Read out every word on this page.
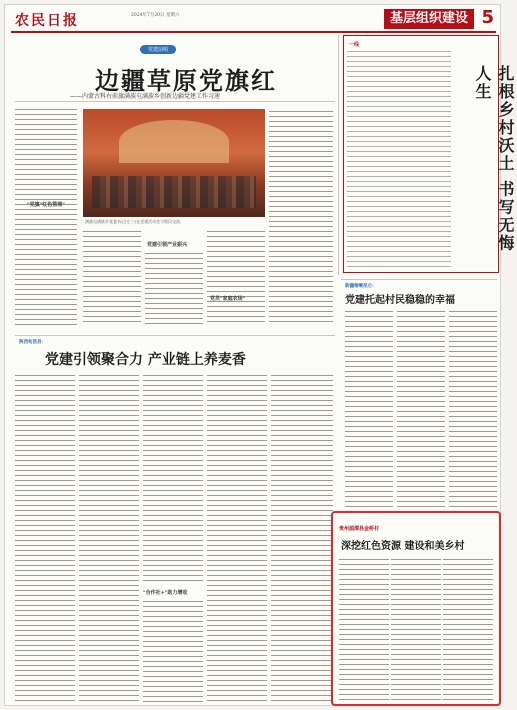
农民日报	2024年7月20日 星期六	基层组织建设 5
党建前哨
边疆草原党旗红
——内蒙古科右前旗满族屯满族乡创新边疆党建工作习速
"党旗"红色管理"
满族屯满族乡党委书记(左三)在党建活动室与牧民交流
党建引领产业振兴
党员"家庭农场"
一线
扎根乡村沃土 书写无悔人生
新疆喀喇昆仑：
党建托起村民稳稳的幸福
陕西旬邑县：
党建引领聚合力 产业链上养麦香
"合作社+"助力增收
贵州湄潭县金桥村
深挖红色资源 建设和美乡村
